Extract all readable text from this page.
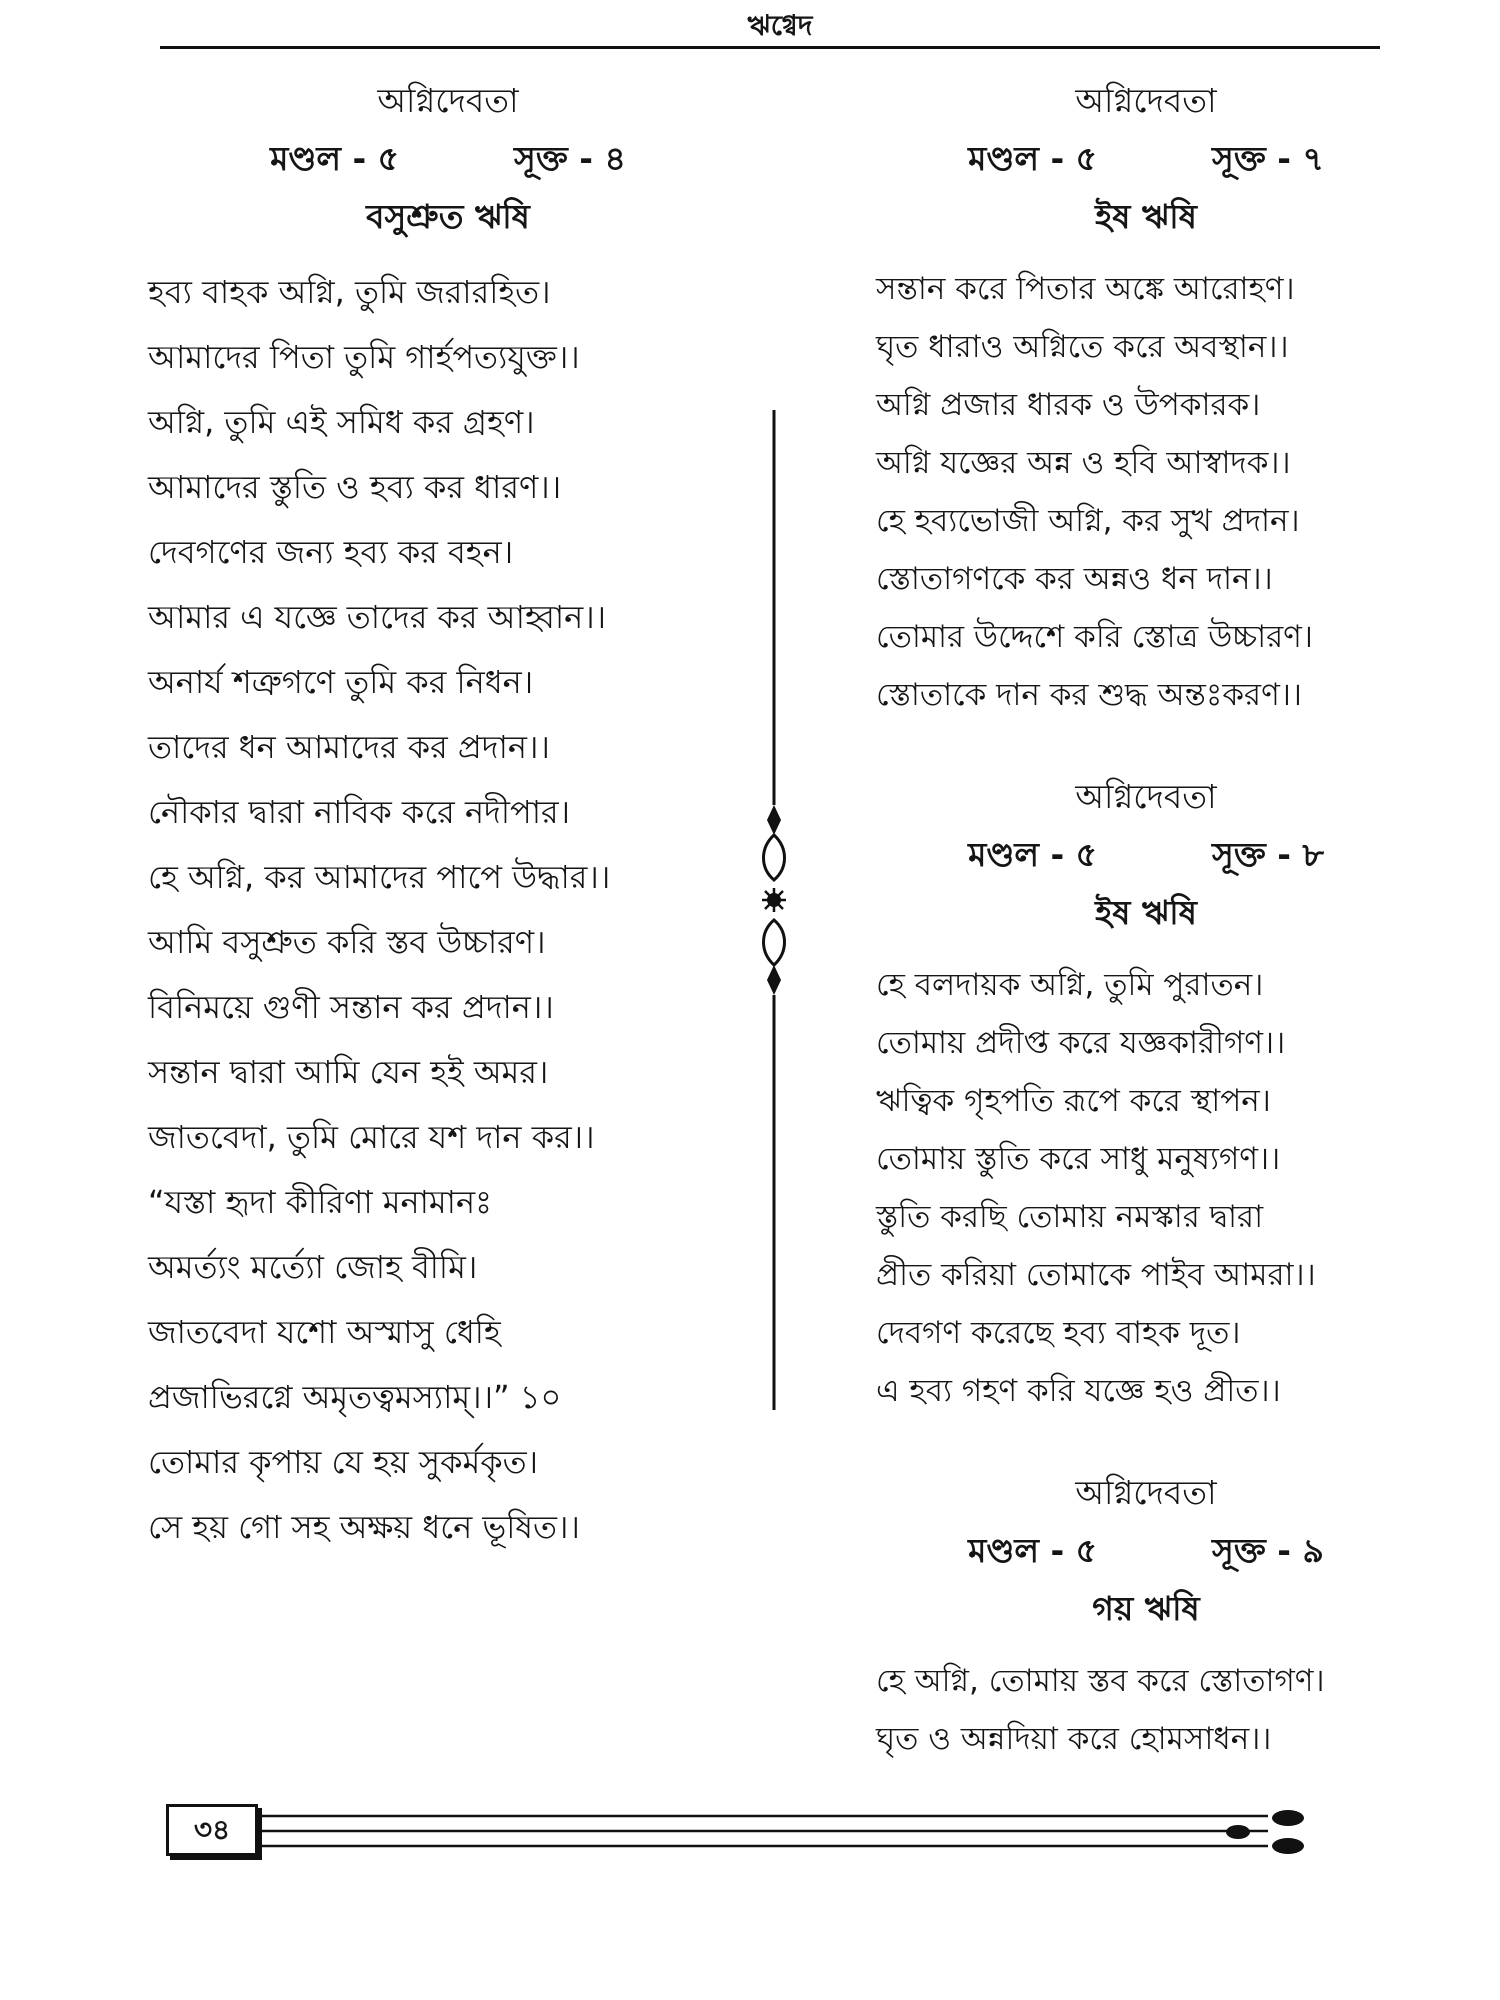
ঋগ্বেদ
অগ্নিদেবতা
মণ্ডল - ৫	সূক্ত - ৪
বসুশ্রুত ঋষি
হব্য বাহক অগ্নি, তুমি জরারহিত।
আমাদের পিতা তুমি গার্হপত্যযুক্ত।।
অগ্নি, তুমি এই সমিধ কর গ্রহণ।
আমাদের স্তুতি ও হব্য কর ধারণ।।
দেবগণের জন্য হব্য কর বহন।
আমার এ যজ্ঞে তাদের কর আহ্বান।।
অনার্য শত্রুগণে তুমি কর নিধন।
তাদের ধন আমাদের কর প্রদান।।
নৌকার দ্বারা নাবিক করে নদীপার।
হে অগ্নি, কর আমাদের পাপে উদ্ধার।।
আমি বসুশ্রুত করি স্তব উচ্চারণ।
বিনিময়ে গুণী সন্তান কর প্রদান।।
সন্তান দ্বারা আমি যেন হই অমর।
জাতবেদা, তুমি মোরে যশ দান কর।।
“যস্তা হৃদা কীরিণা মনামানঃ
অমর্ত্যং মর্ত্যো জোহ বীমি।
জাতবেদা যশো অস্মাসু ধেহি
প্রজাভিরগ্নে অমৃতত্বমস্যাম্।।” ১০
তোমার কৃপায় যে হয় সুকর্মকৃত।
সে হয় গো সহ অক্ষয় ধনে ভূষিত।।
অগ্নিদেবতা
মণ্ডল - ৫	সূক্ত - ৭
ইষ ঋষি
সন্তান করে পিতার অঙ্কে আরোহণ।
ঘৃত ধারাও অগ্নিতে করে অবস্থান।।
অগ্নি প্রজার ধারক ও উপকারক।
অগ্নি যজ্ঞের অন্ন ও হবি আস্বাদক।।
হে হব্যভোজী অগ্নি, কর সুখ প্রদান।
স্তোতাগণকে কর অন্নও ধন দান।।
তোমার উদ্দেশে করি স্তোত্র উচ্চারণ।
স্তোতাকে দান কর শুদ্ধ অন্তঃকরণ।।
অগ্নিদেবতা
মণ্ডল - ৫	সূক্ত - ৮
ইষ ঋষি
হে বলদায়ক অগ্নি, তুমি পুরাতন।
তোমায় প্রদীপ্ত করে যজ্ঞকারীগণ।।
ঋত্বিক গৃহপতি রূপে করে স্থাপন।
তোমায় স্তুতি করে সাধু মনুষ্যগণ।।
স্তুতি করছি তোমায় নমস্কার দ্বারা
প্রীত করিয়া তোমাকে পাইব আমরা।।
দেবগণ করেছে হব্য বাহক দূত।
এ হব্য গহণ করি যজ্ঞে হও প্রীত।।
অগ্নিদেবতা
মণ্ডল - ৫	সূক্ত - ৯
গয় ঋষি
হে অগ্নি, তোমায় স্তব করে স্তোতাগণ।
ঘৃত ও অন্নদিয়া করে হোমসাধন।।
৩৪
